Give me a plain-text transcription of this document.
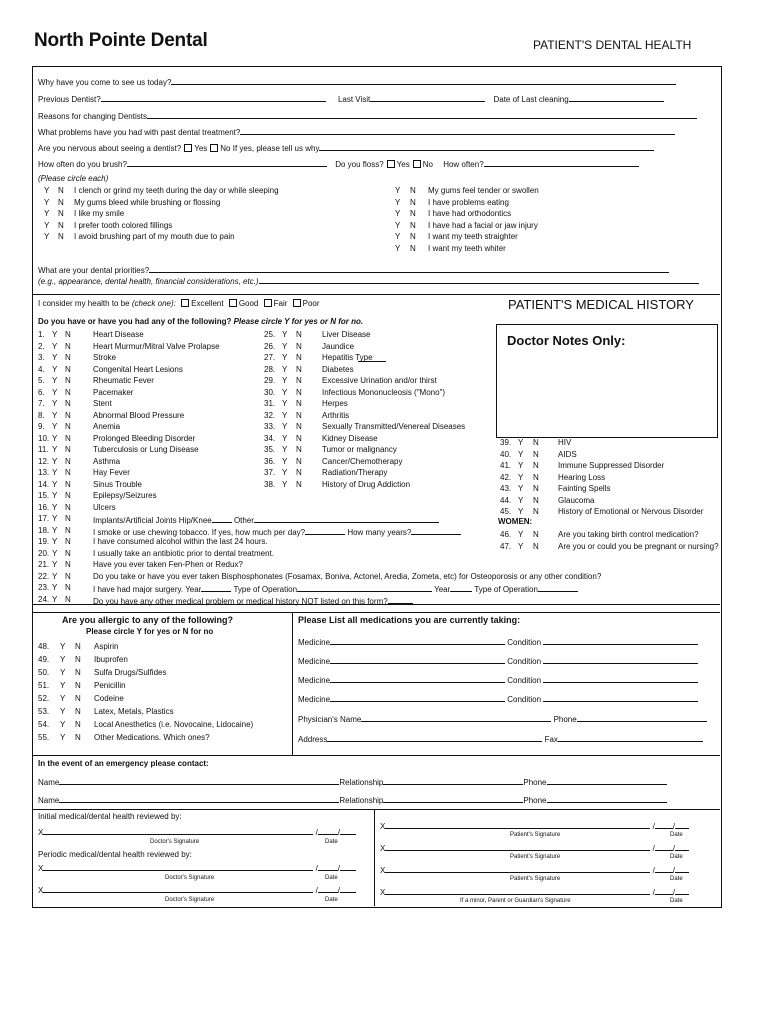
North Pointe Dental	PATIENT'S DENTAL HEALTH
Why have you come to see us today?
Previous Dentist?	Last Visit	Date of Last cleaning
Reasons for changing Dentists
What problems have you had with past dental treatment?
Are you nervous about seeing a dentist? Yes No If yes, please tell us why
How often do you brush?	Do you floss? Yes No How often?
(Please circle each)
Y N I clench or grind my teeth during the day or while sleeping
Y N My gums bleed while brushing or flossing
Y N I like my smile
Y N I prefer tooth colored fillings
Y N I avoid brushing part of my mouth due to pain
Y N My gums feel tender or swollen
Y N I have problems eating
Y N I have had orthodontics
Y N I have had a facial or jaw injury
Y N I want my teeth straighter
Y N I want my teeth whiter
What are your dental priorities?
(e.g., appearance, dental health, financial considerations, etc.)
I consider my health to be (check one): Excellent Good Fair Poor	PATIENT'S MEDICAL HISTORY
Do you have or have you had any of the following? Please circle Y for yes or N for no.
Doctor Notes Only:
1. Y N	Heart Disease
2. Y N	Heart Murmur/Mitral Valve Prolapse
3. Y N	Stroke
4. Y N	Congenital Heart Lesions
5. Y N	Rheumatic Fever
6. Y N	Pacemaker
7. Y N	Stent
8. Y N	Abnormal Blood Pressure
9. Y N	Anemia
10. Y N	Prolonged Bleeding Disorder
11. Y N	Tuberculosis or Lung Disease
12. Y N	Asthma
13. Y N	Hay Fever
14. Y N	Sinus Trouble
15. Y N	Epilepsy/Seizures
16. Y N	Ulcers
25. Y N	Liver Disease
26. Y N	Jaundice
27. Y N	Hepatitis Type
28. Y N	Diabetes
29. Y N	Excessive Urination and/or thirst
30. Y N	Infectious Mononucleosis ("Mono")
31. Y N	Herpes
32. Y N	Arthritis
33. Y N	Sexually Transmitted/Venereal Diseases
34. Y N	Kidney Disease
35. Y N	Tumor or malignancy
36. Y N	Cancer/Chemotherapy
37. Y N	Radiation/Therapy
38. Y N	History of Drug Addiction
39. Y N HIV
40. Y N AIDS
41. Y N Immune Suppressed Disorder
42. Y N Hearing Loss
43. Y N Fainting Spells
44. Y N Glaucoma
45. Y N History of Emotional or Nervous Disorder
WOMEN:
46. Y N Are you taking birth control medication?
47. Y N Are you or could you be pregnant or nursing?
17. Y N	Implants/Artificial Joints Hip/Knee	Other
18. Y N	I smoke or use chewing tobacco. If yes, how much per day?	How many years?
19. Y N	I have consumed alcohol within the last 24 hours.
20. Y N	I usually take an antibiotic prior to dental treatment.
21. Y N	Have you ever taken Fen-Phen or Redux?
22. Y N	Do you take or have you ever taken Bisphosphonates (Fosamax, Boniva, Actonel, Aredia, Zometa, etc) for Osteoporosis or any other condition?
23. Y N	I have had major surgery. Year	Type of Operation	Year	Type of Operation
24. Y N	Do you have any other medical problem or medical history NOT listed on this form?
Are you allergic to any of the following?
Please circle Y for yes or N for no
48. Y N Aspirin
49. Y N Ibuprofen
50. Y N Sulfa Drugs/Sulfides
51. Y N Penicillin
52. Y N Codeine
53. Y N Latex, Metals, Plastics
54. Y N Local Anesthetics (i.e. Novocaine, Lidocaine)
55. Y N Other Medications. Which ones?
Please List all medications you are currently taking:
Medicine	Condition
Medicine	Condition
Medicine	Condition
Medicine	Condition
Physician's Name	Phone
Address	Fax
In the event of an emergency please contact:
Name	Relationship	Phone
Name	Relationship	Phone
Initial medical/dental health reviewed by:
X	/	/
Doctor's Signature	Date
Periodic medical/dental health reviewed by:
X	/	/
Doctor's Signature	Date
X	/	/
Doctor's Signature	Date
X	/ /
Patient's Signature	Date
X	/ /
Patient's Signature	Date
X	/ /
Patient's Signature	Date
X	/ /
If a minor, Parent or Guardian's Signature	Date
